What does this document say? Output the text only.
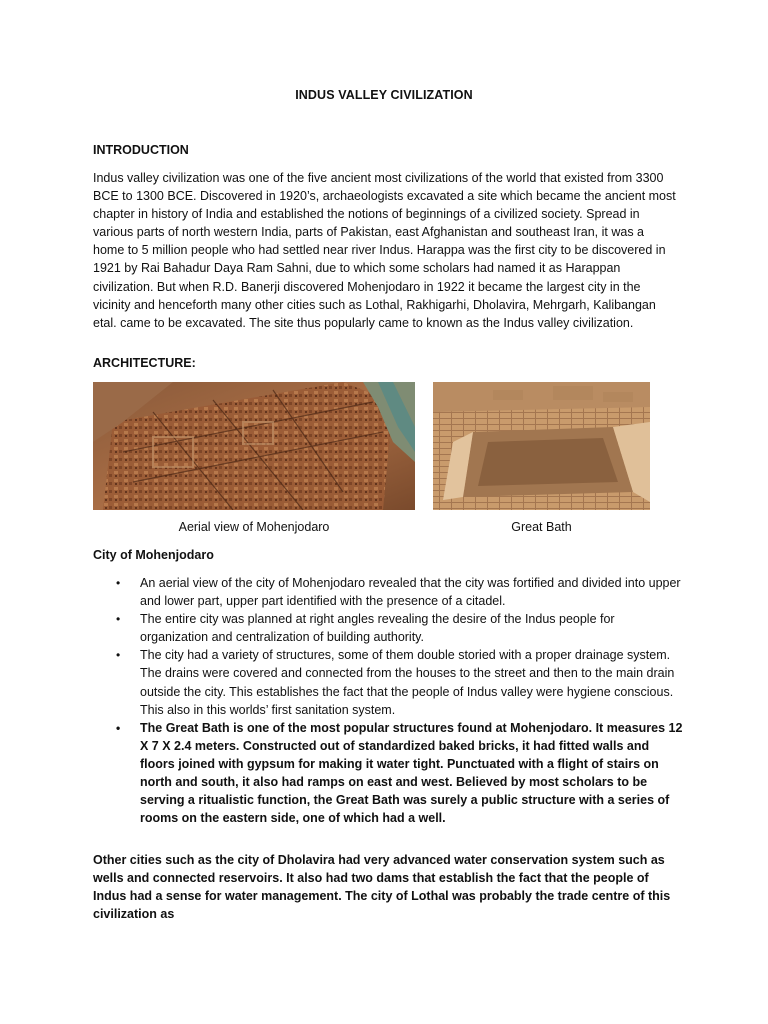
INDUS VALLEY CIVILIZATION
INTRODUCTION
Indus valley civilization was one of the five ancient most civilizations of the world that existed from 3300 BCE to 1300 BCE. Discovered in 1920’s, archaeologists excavated a site which became the ancient most chapter in history of India and established the notions of beginnings of a civilized society. Spread in various parts of north western India, parts of Pakistan, east Afghanistan and southeast Iran, it was a home to 5 million people who had settled near river Indus. Harappa was the first city to be discovered in 1921 by Rai Bahadur Daya Ram Sahni, due to which some scholars had named it as Harappan civilization. But when R.D. Banerji discovered Mohenjodaro in 1922 it became the largest city in the vicinity and henceforth many other cities such as Lothal, Rakhigarhi, Dholavira, Mehrgarh, Kalibangan etal. came to be excavated. The site thus popularly came to known as the Indus valley civilization.
ARCHITECTURE:
Aerial view of Mohenjodaro	Great Bath
City of Mohenjodaro
• An aerial view of the city of Mohenjodaro revealed that the city was fortified and divided into upper and lower part, upper part identified with the presence of a citadel.
• The entire city was planned at right angles revealing the desire of the Indus people for organization and centralization of building authority.
• The city had a variety of structures, some of them double storied with a proper drainage system. The drains were covered and connected from the houses to the street and then to the main drain outside the city. This establishes the fact that the people of Indus valley were hygiene conscious. This also in this worlds’ first sanitation system.
• The Great Bath is one of the most popular structures found at Mohenjodaro. It measures 12 X 7 X 2.4 meters. Constructed out of standardized baked bricks, it had fitted walls and floors joined with gypsum for making it water tight. Punctuated with a flight of stairs on north and south, it also had ramps on east and west. Believed by most scholars to be serving a ritualistic function, the Great Bath was surely a public structure with a series of rooms on the eastern side, one of which had a well.
Other cities such as the city of Dholavira had very advanced water conservation system such as wells and connected reservoirs. It also had two dams that establish the fact that the people of Indus had a sense for water management. The city of Lothal was probably the trade centre of this civilization as
